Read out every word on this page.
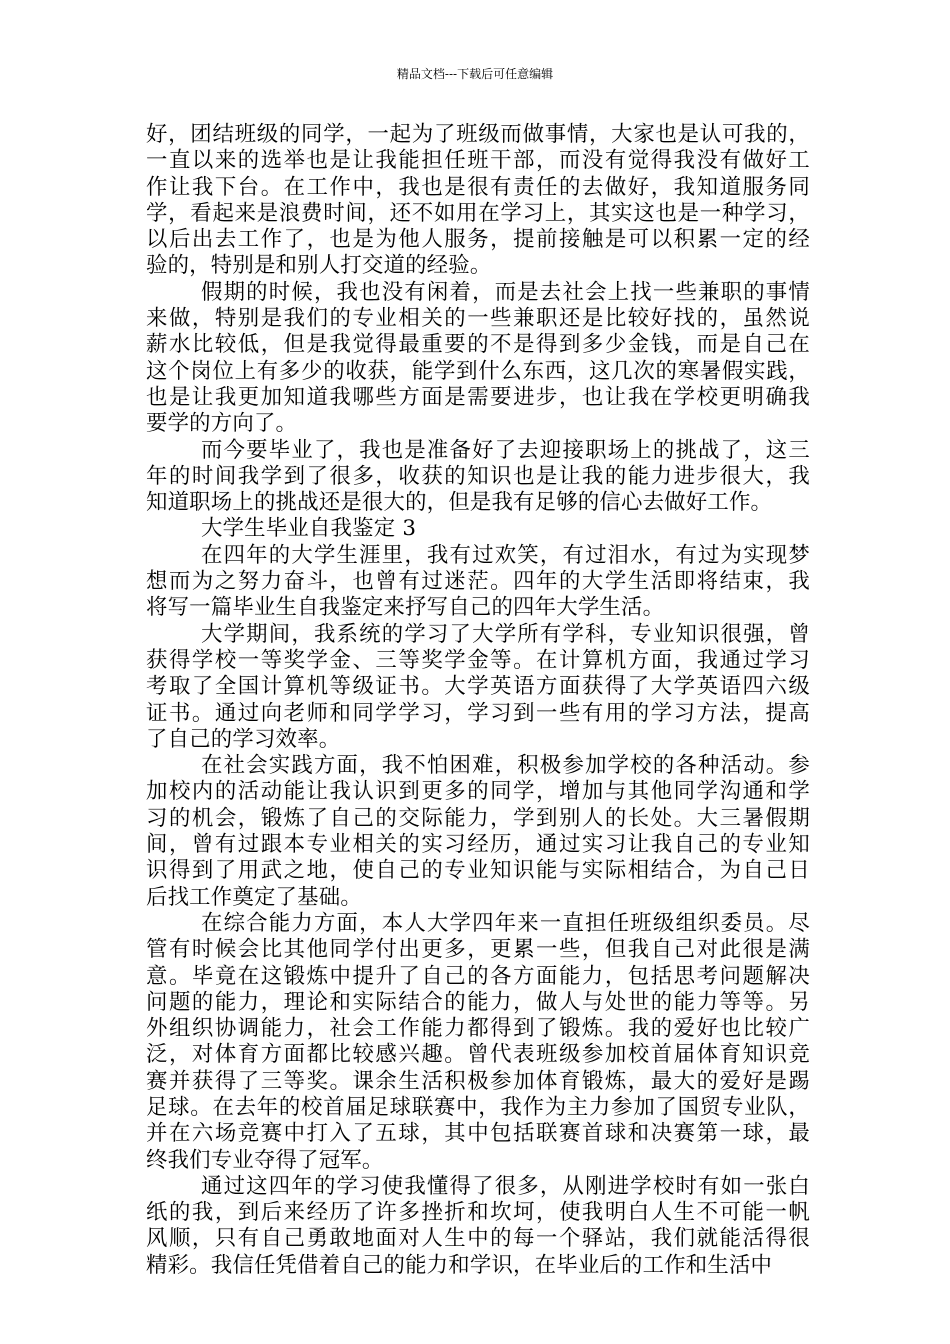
精品文档---下载后可任意编辑
好，团结班级的同学，一起为了班级而做事情，大家也是认可我的，
一直以来的选举也是让我能担任班干部，而没有觉得我没有做好工
作让我下台。在工作中，我也是很有责任的去做好，我知道服务同
学，看起来是浪费时间，还不如用在学习上，其实这也是一种学习，
以后出去工作了，也是为他人服务，提前接触是可以积累一定的经
验的，特别是和别人打交道的经验。
假期的时候，我也没有闲着，而是去社会上找一些兼职的事情
来做，特别是我们的专业相关的一些兼职还是比较好找的，虽然说
薪水比较低，但是我觉得最重要的不是得到多少金钱，而是自己在
这个岗位上有多少的收获，能学到什么东西，这几次的寒暑假实践，
也是让我更加知道我哪些方面是需要进步，也让我在学校更明确我
要学的方向了。
而今要毕业了，我也是准备好了去迎接职场上的挑战了，这三
年的时间我学到了很多，收获的知识也是让我的能力进步很大，我
知道职场上的挑战还是很大的，但是我有足够的信心去做好工作。
大学生毕业自我鉴定 3
在四年的大学生涯里，我有过欢笑，有过泪水，有过为实现梦
想而为之努力奋斗，也曾有过迷茫。四年的大学生活即将结束，我
将写一篇毕业生自我鉴定来抒写自己的四年大学生活。
大学期间，我系统的学习了大学所有学科，专业知识很强，曾
获得学校一等奖学金、三等奖学金等。在计算机方面，我通过学习
考取了全国计算机等级证书。大学英语方面获得了大学英语四六级
证书。通过向老师和同学学习，学习到一些有用的学习方法，提高
了自己的学习效率。
在社会实践方面，我不怕困难，积极参加学校的各种活动。参
加校内的活动能让我认识到更多的同学，增加与其他同学沟通和学
习的机会，锻炼了自己的交际能力，学到别人的长处。大三暑假期
间，曾有过跟本专业相关的实习经历，通过实习让我自己的专业知
识得到了用武之地，使自己的专业知识能与实际相结合，为自己日
后找工作奠定了基础。
在综合能力方面，本人大学四年来一直担任班级组织委员。尽
管有时候会比其他同学付出更多，更累一些，但我自己对此很是满
意。毕竟在这锻炼中提升了自己的各方面能力，包括思考问题解决
问题的能力，理论和实际结合的能力，做人与处世的能力等等。另
外组织协调能力，社会工作能力都得到了锻炼。我的爱好也比较广
泛，对体育方面都比较感兴趣。曾代表班级参加校首届体育知识竞
赛并获得了三等奖。课余生活积极参加体育锻炼，最大的爱好是踢
足球。在去年的校首届足球联赛中，我作为主力参加了国贸专业队，
并在六场竞赛中打入了五球，其中包括联赛首球和决赛第一球，最
终我们专业夺得了冠军。
通过这四年的学习使我懂得了很多，从刚进学校时有如一张白
纸的我，到后来经历了许多挫折和坎坷，使我明白人生不可能一帆
风顺，只有自己勇敢地面对人生中的每一个驿站，我们就能活得很
精彩。我信任凭借着自己的能力和学识，在毕业后的工作和生活中
